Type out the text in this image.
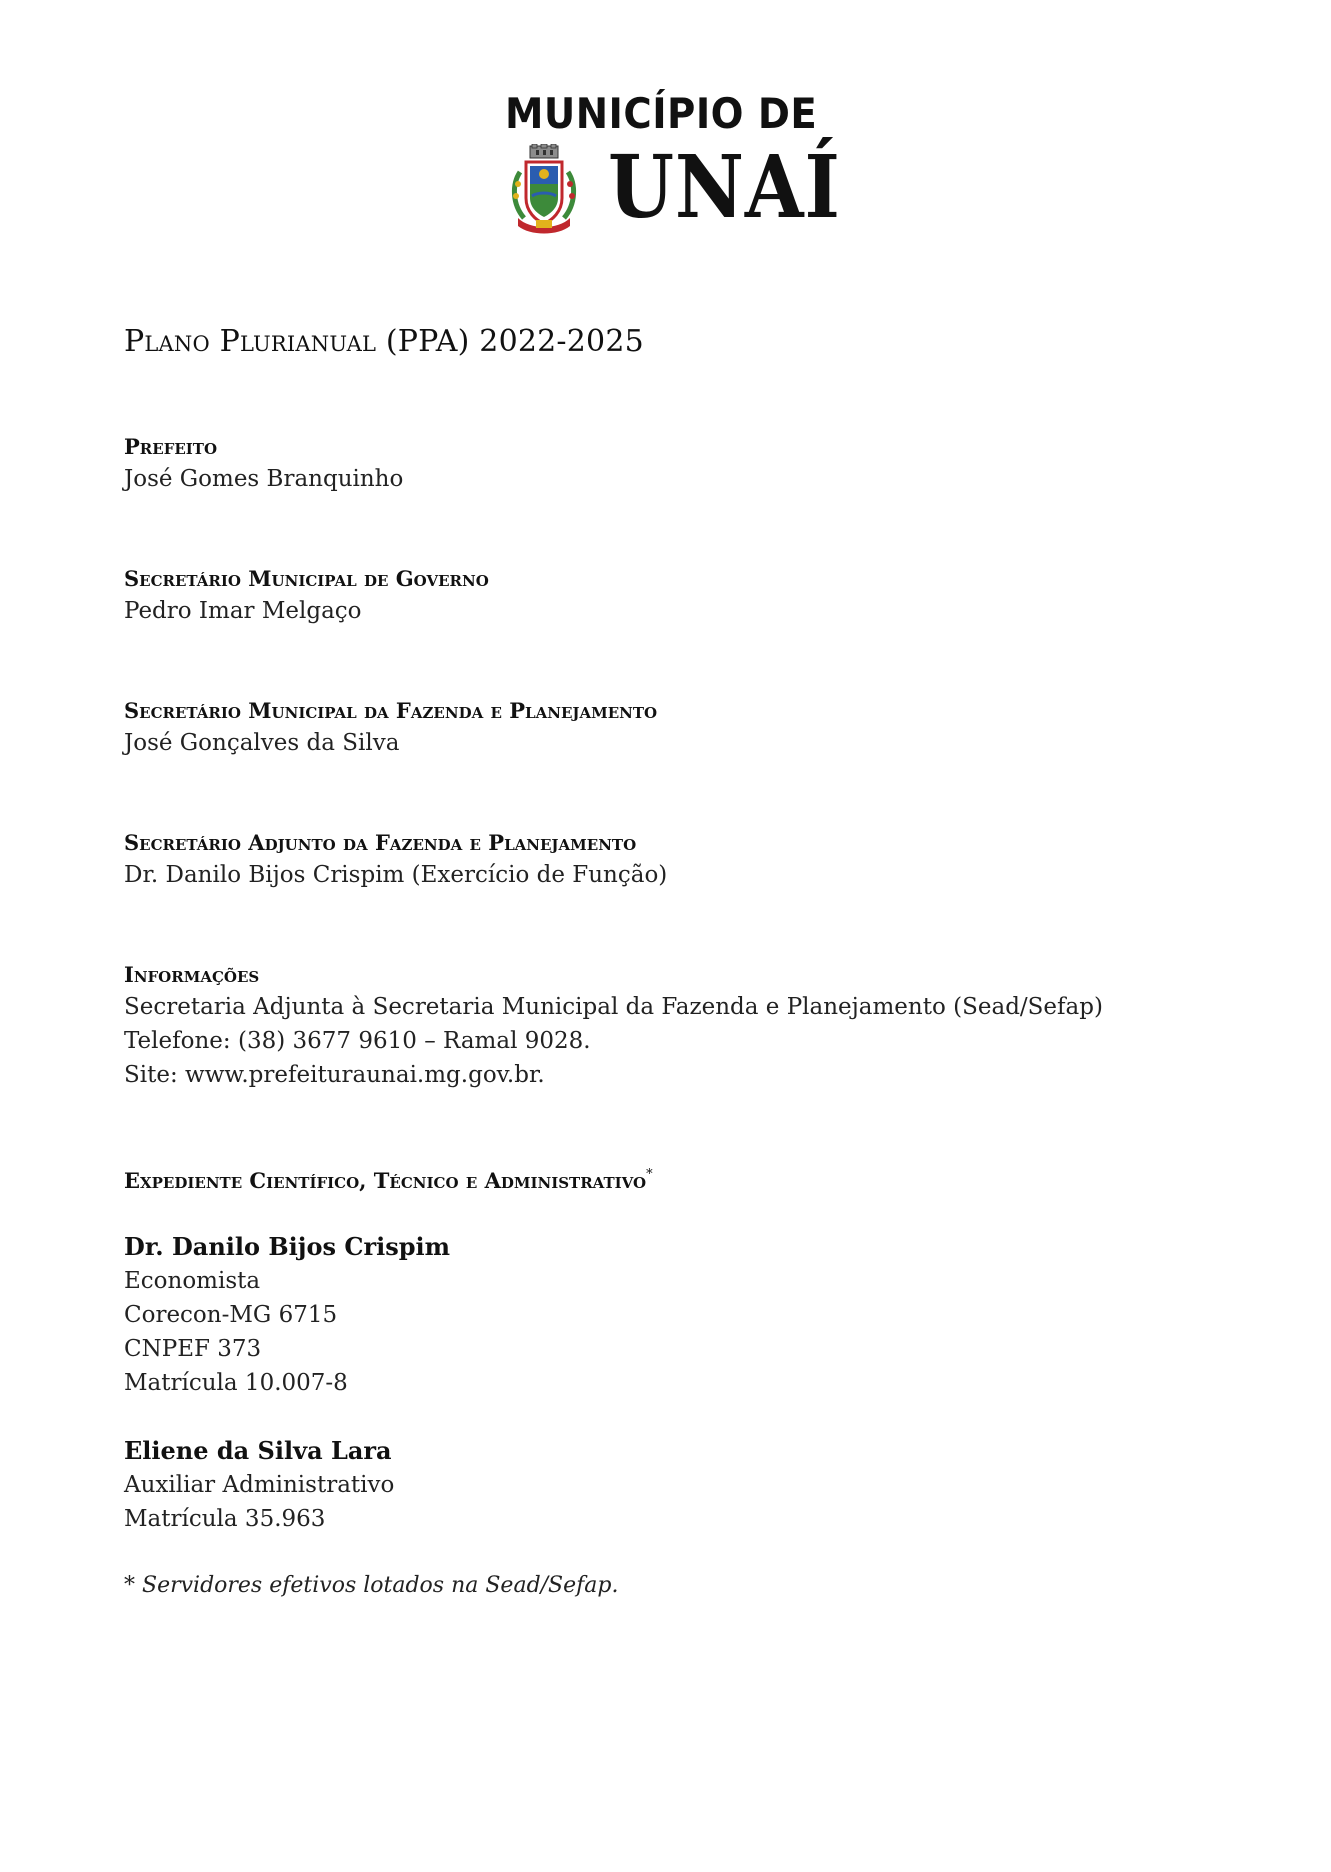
MUNICÍPIO DE
UNAÍ
Plano Plurianual (PPA) 2022-2025
Prefeito
José Gomes Branquinho
Secretário Municipal de Governo
Pedro Imar Melgaço
Secretário Municipal da Fazenda e Planejamento
José Gonçalves da Silva
Secretário Adjunto da Fazenda e Planejamento
Dr. Danilo Bijos Crispim (Exercício de Função)
Informações
Secretaria Adjunta à Secretaria Municipal da Fazenda e Planejamento (Sead/Sefap)
Telefone: (38) 3677 9610 – Ramal 9028.
Site: www.prefeituraunai.mg.gov.br.
Expediente Científico, Técnico e Administrativo*
Dr. Danilo Bijos Crispim
Economista
Corecon-MG 6715
CNPEF 373
Matrícula 10.007-8
Eliene da Silva Lara
Auxiliar Administrativo
Matrícula 35.963
* Servidores efetivos lotados na Sead/Sefap.
